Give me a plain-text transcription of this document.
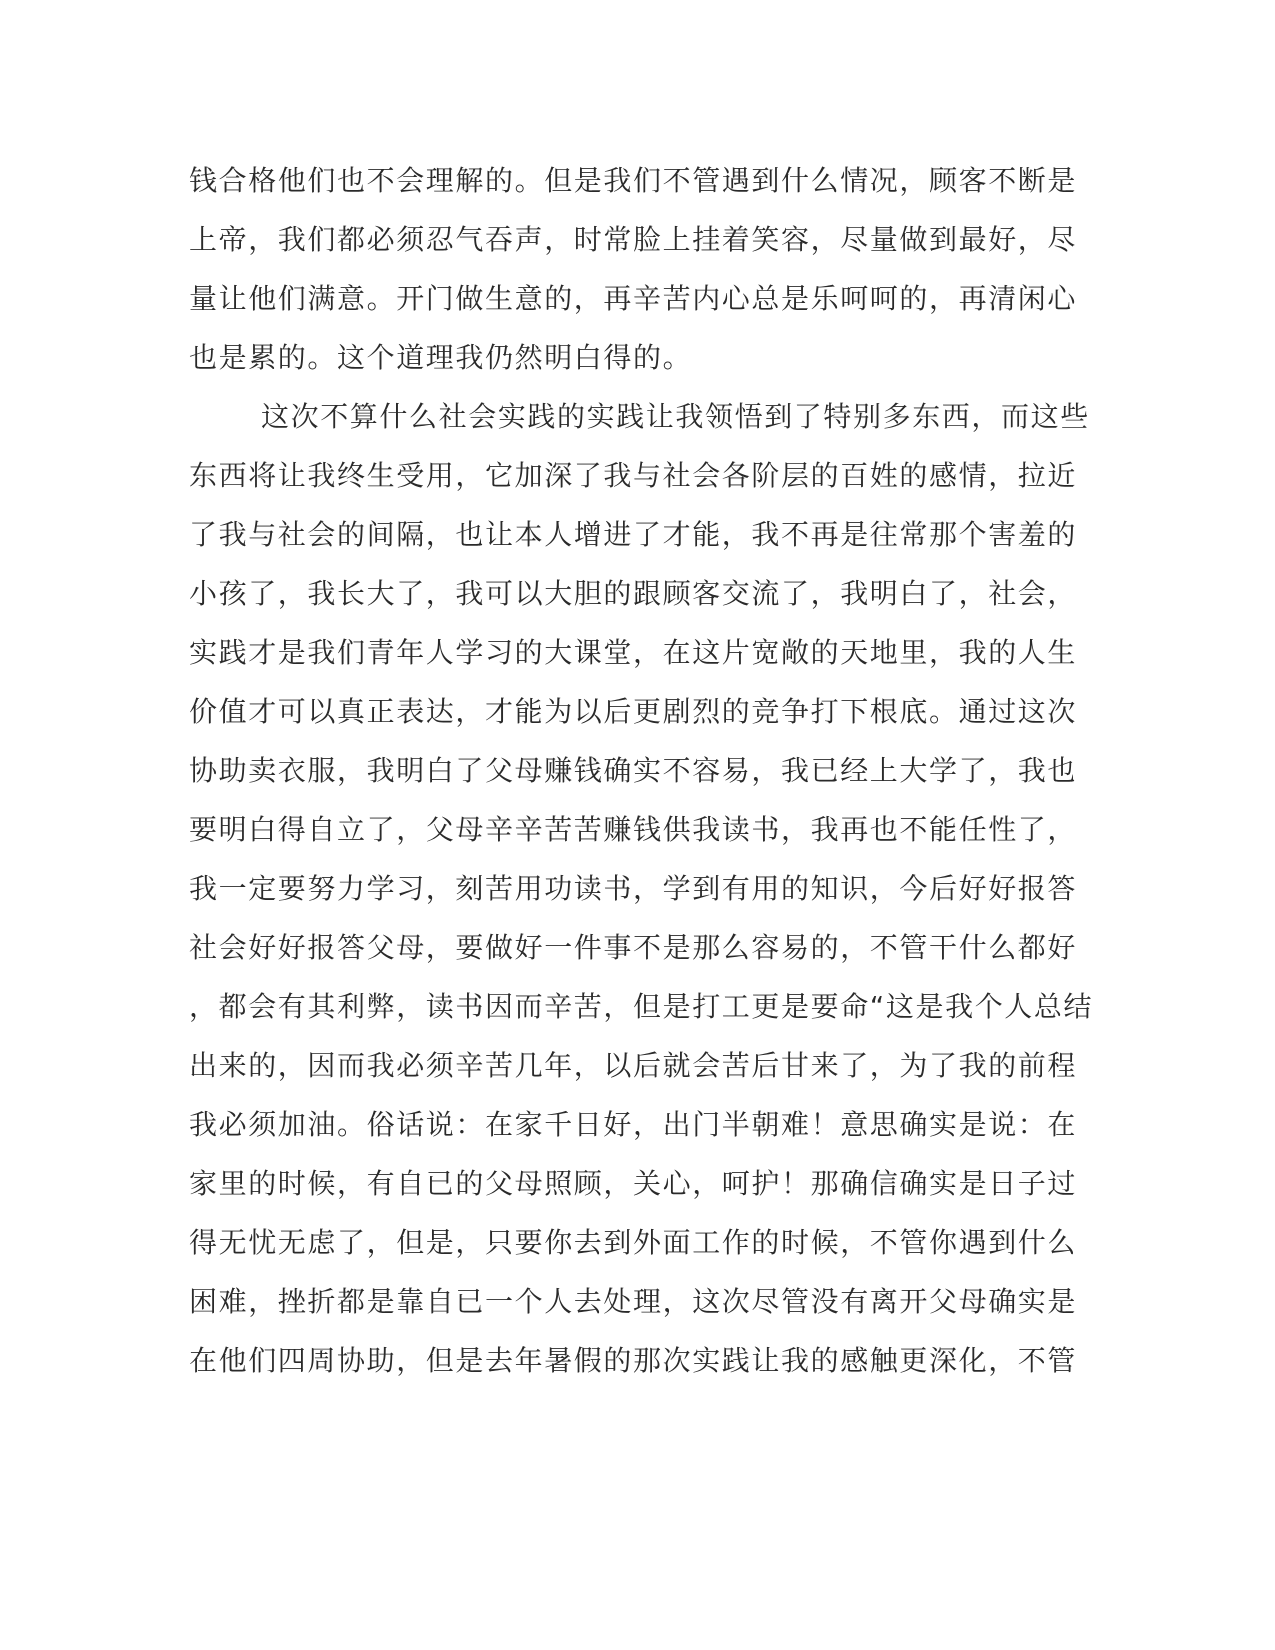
钱合格他们也不会理解的。但是我们不管遇到什么情况，顾客不断是
上帝，我们都必须忍气吞声，时常脸上挂着笑容，尽量做到最好，尽
量让他们满意。开门做生意的，再辛苦内心总是乐呵呵的，再清闲心
也是累的。这个道理我仍然明白得的。
这次不算什么社会实践的实践让我领悟到了特别多东西，而这些
东西将让我终生受用，它加深了我与社会各阶层的百姓的感情，拉近
了我与社会的间隔，也让本人增进了才能，我不再是往常那个害羞的
小孩了，我长大了，我可以大胆的跟顾客交流了，我明白了，社会，
实践才是我们青年人学习的大课堂，在这片宽敞的天地里，我的人生
价值才可以真正表达，才能为以后更剧烈的竞争打下根底。通过这次
协助卖衣服，我明白了父母赚钱确实不容易，我已经上大学了，我也
要明白得自立了，父母辛辛苦苦赚钱供我读书，我再也不能任性了，
我一定要努力学习，刻苦用功读书，学到有用的知识，今后好好报答
社会好好报答父母，要做好一件事不是那么容易的，不管干什么都好
，都会有其利弊，读书因而辛苦，但是打工更是要命“这是我个人总结
出来的，因而我必须辛苦几年，以后就会苦后甘来了，为了我的前程
我必须加油。俗话说：在家千日好，出门半朝难！意思确实是说：在
家里的时候，有自已的父母照顾，关心，呵护！那确信确实是日子过
得无忧无虑了，但是，只要你去到外面工作的时候，不管你遇到什么
困难，挫折都是靠自已一个人去处理，这次尽管没有离开父母确实是
在他们四周协助，但是去年暑假的那次实践让我的感触更深化，不管
